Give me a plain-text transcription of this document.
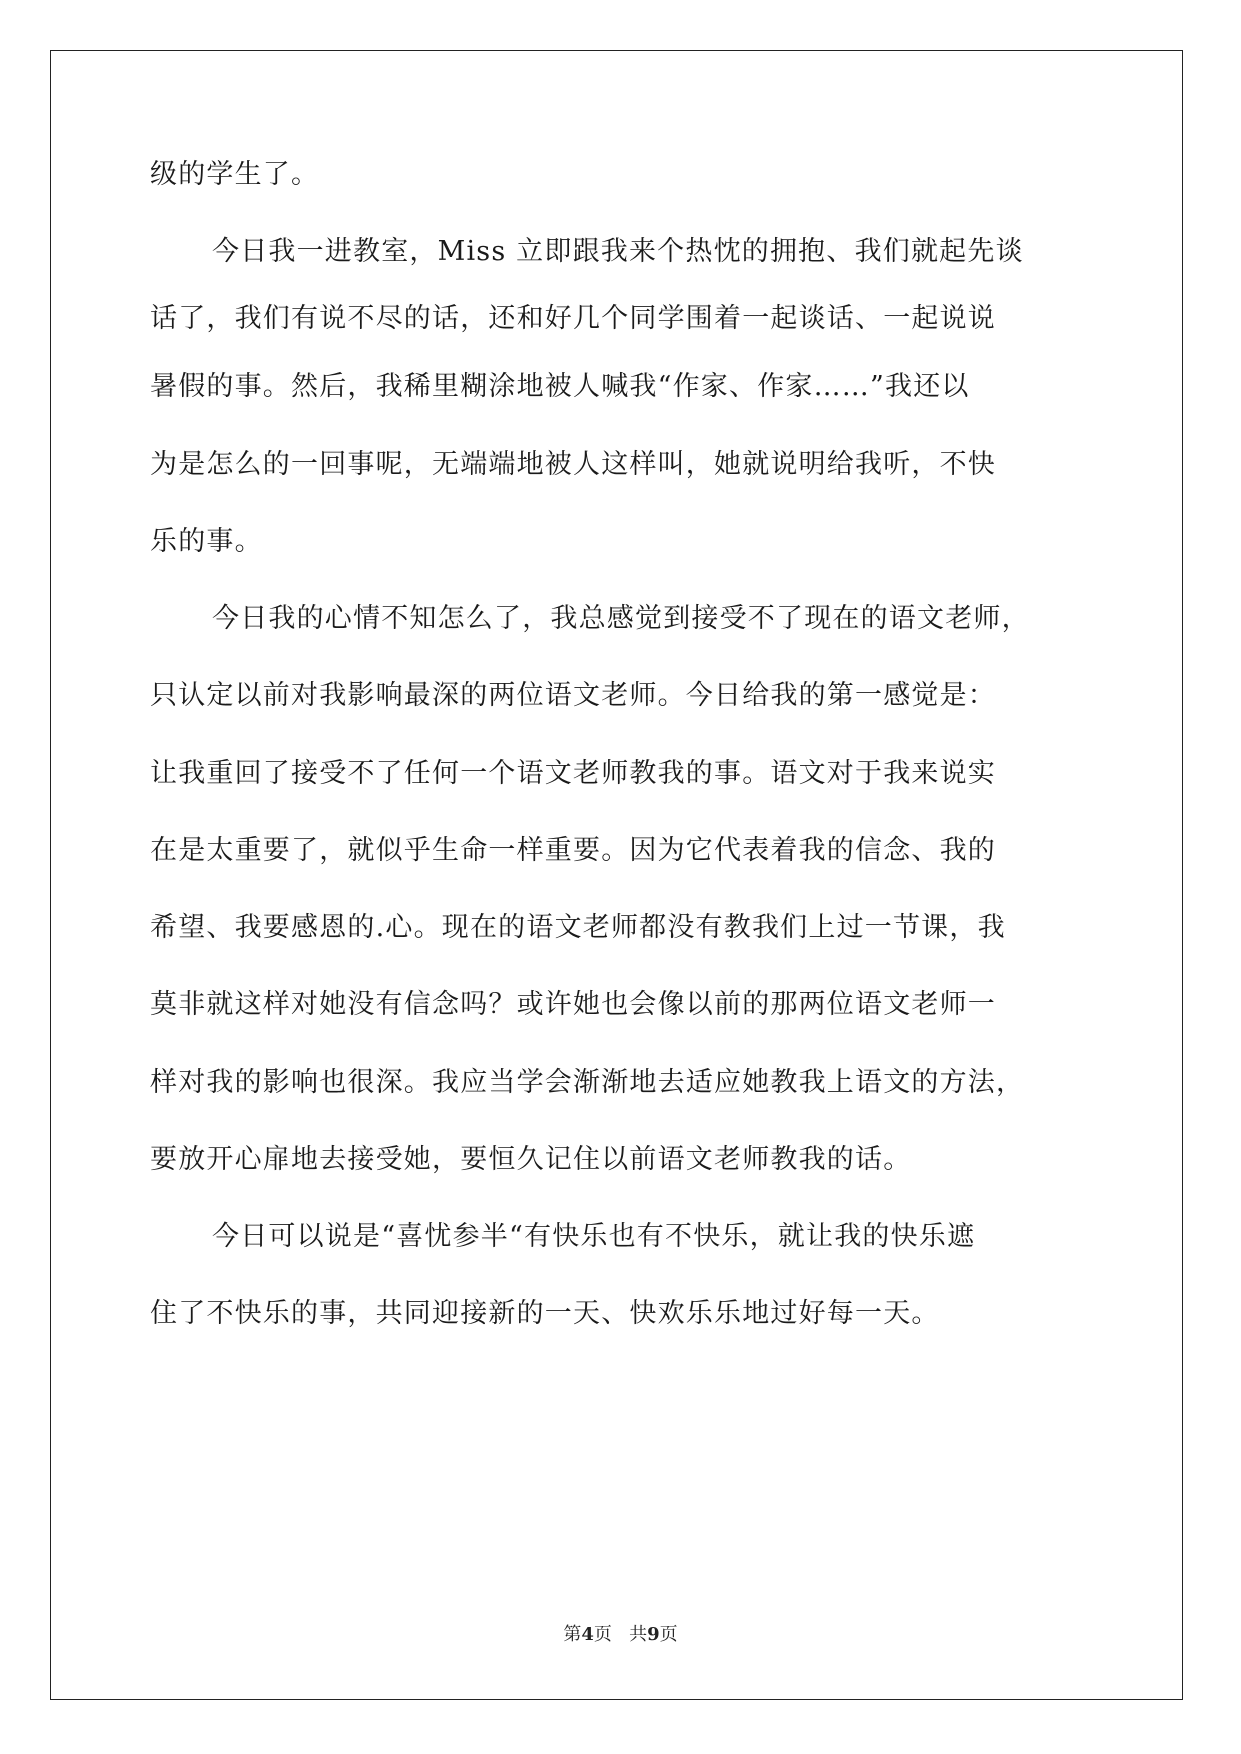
级的学生了。
今日我一进教室，Miss 立即跟我来个热忱的拥抱、我们就起先谈
话了，我们有说不尽的话，还和好几个同学围着一起谈话、一起说说
暑假的事。然后，我稀里糊涂地被人喊我“作家、作家……”我还以
为是怎么的一回事呢，无端端地被人这样叫，她就说明给我听，不快
乐的事。
今日我的心情不知怎么了，我总感觉到接受不了现在的语文老师，
只认定以前对我影响最深的两位语文老师。今日给我的第一感觉是：
让我重回了接受不了任何一个语文老师教我的事。语文对于我来说实
在是太重要了，就似乎生命一样重要。因为它代表着我的信念、我的
希望、我要感恩的.心。现在的语文老师都没有教我们上过一节课，我
莫非就这样对她没有信念吗？或许她也会像以前的那两位语文老师一
样对我的影响也很深。我应当学会渐渐地去适应她教我上语文的方法，
要放开心扉地去接受她，要恒久记住以前语文老师教我的话。
今日可以说是“喜忧参半“有快乐也有不快乐，就让我的快乐遮
住了不快乐的事，共同迎接新的一天、快欢乐乐地过好每一天。
第4页 共9页
